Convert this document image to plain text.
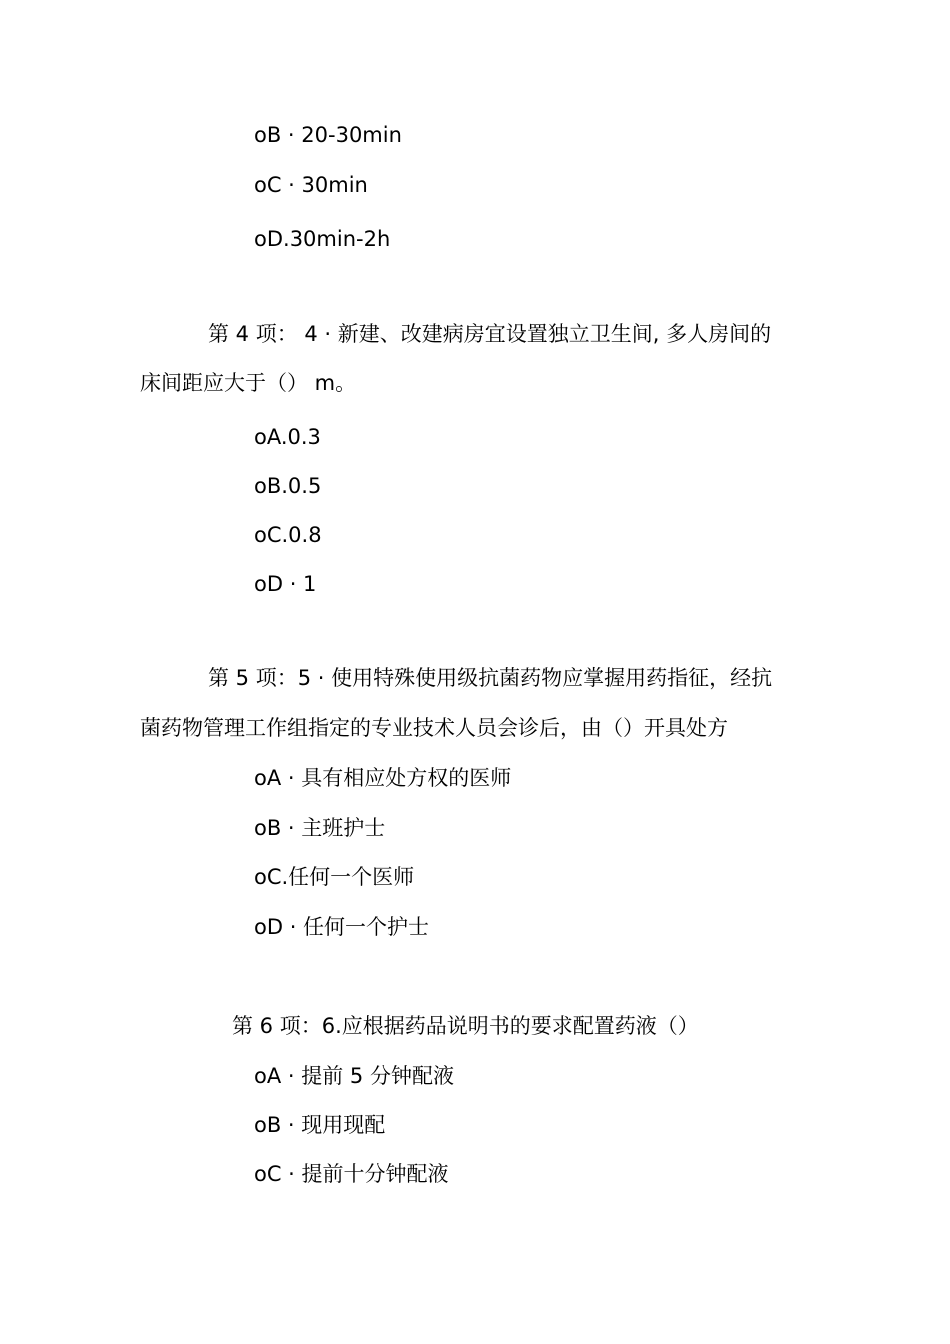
oB · 20-30min
oC · 30min
oD.30min-2h
第 4 项： 4 · 新建、改建病房宜设置独立卫生间, 多人房间的
床间距应大于（） m。
oA.0.3
oB.0.5
oC.0.8
oD · 1
第 5 项：5 · 使用特殊使用级抗菌药物应掌握用药指征，经抗
菌药物管理工作组指定的专业技术人员会诊后，由（）开具处方
oA · 具有相应处方权的医师
oB · 主班护士
oC.任何一个医师
oD · 任何一个护士
第 6 项：6.应根据药品说明书的要求配置药液（）
oA · 提前 5 分钟配液
oB · 现用现配
oC · 提前十分钟配液
